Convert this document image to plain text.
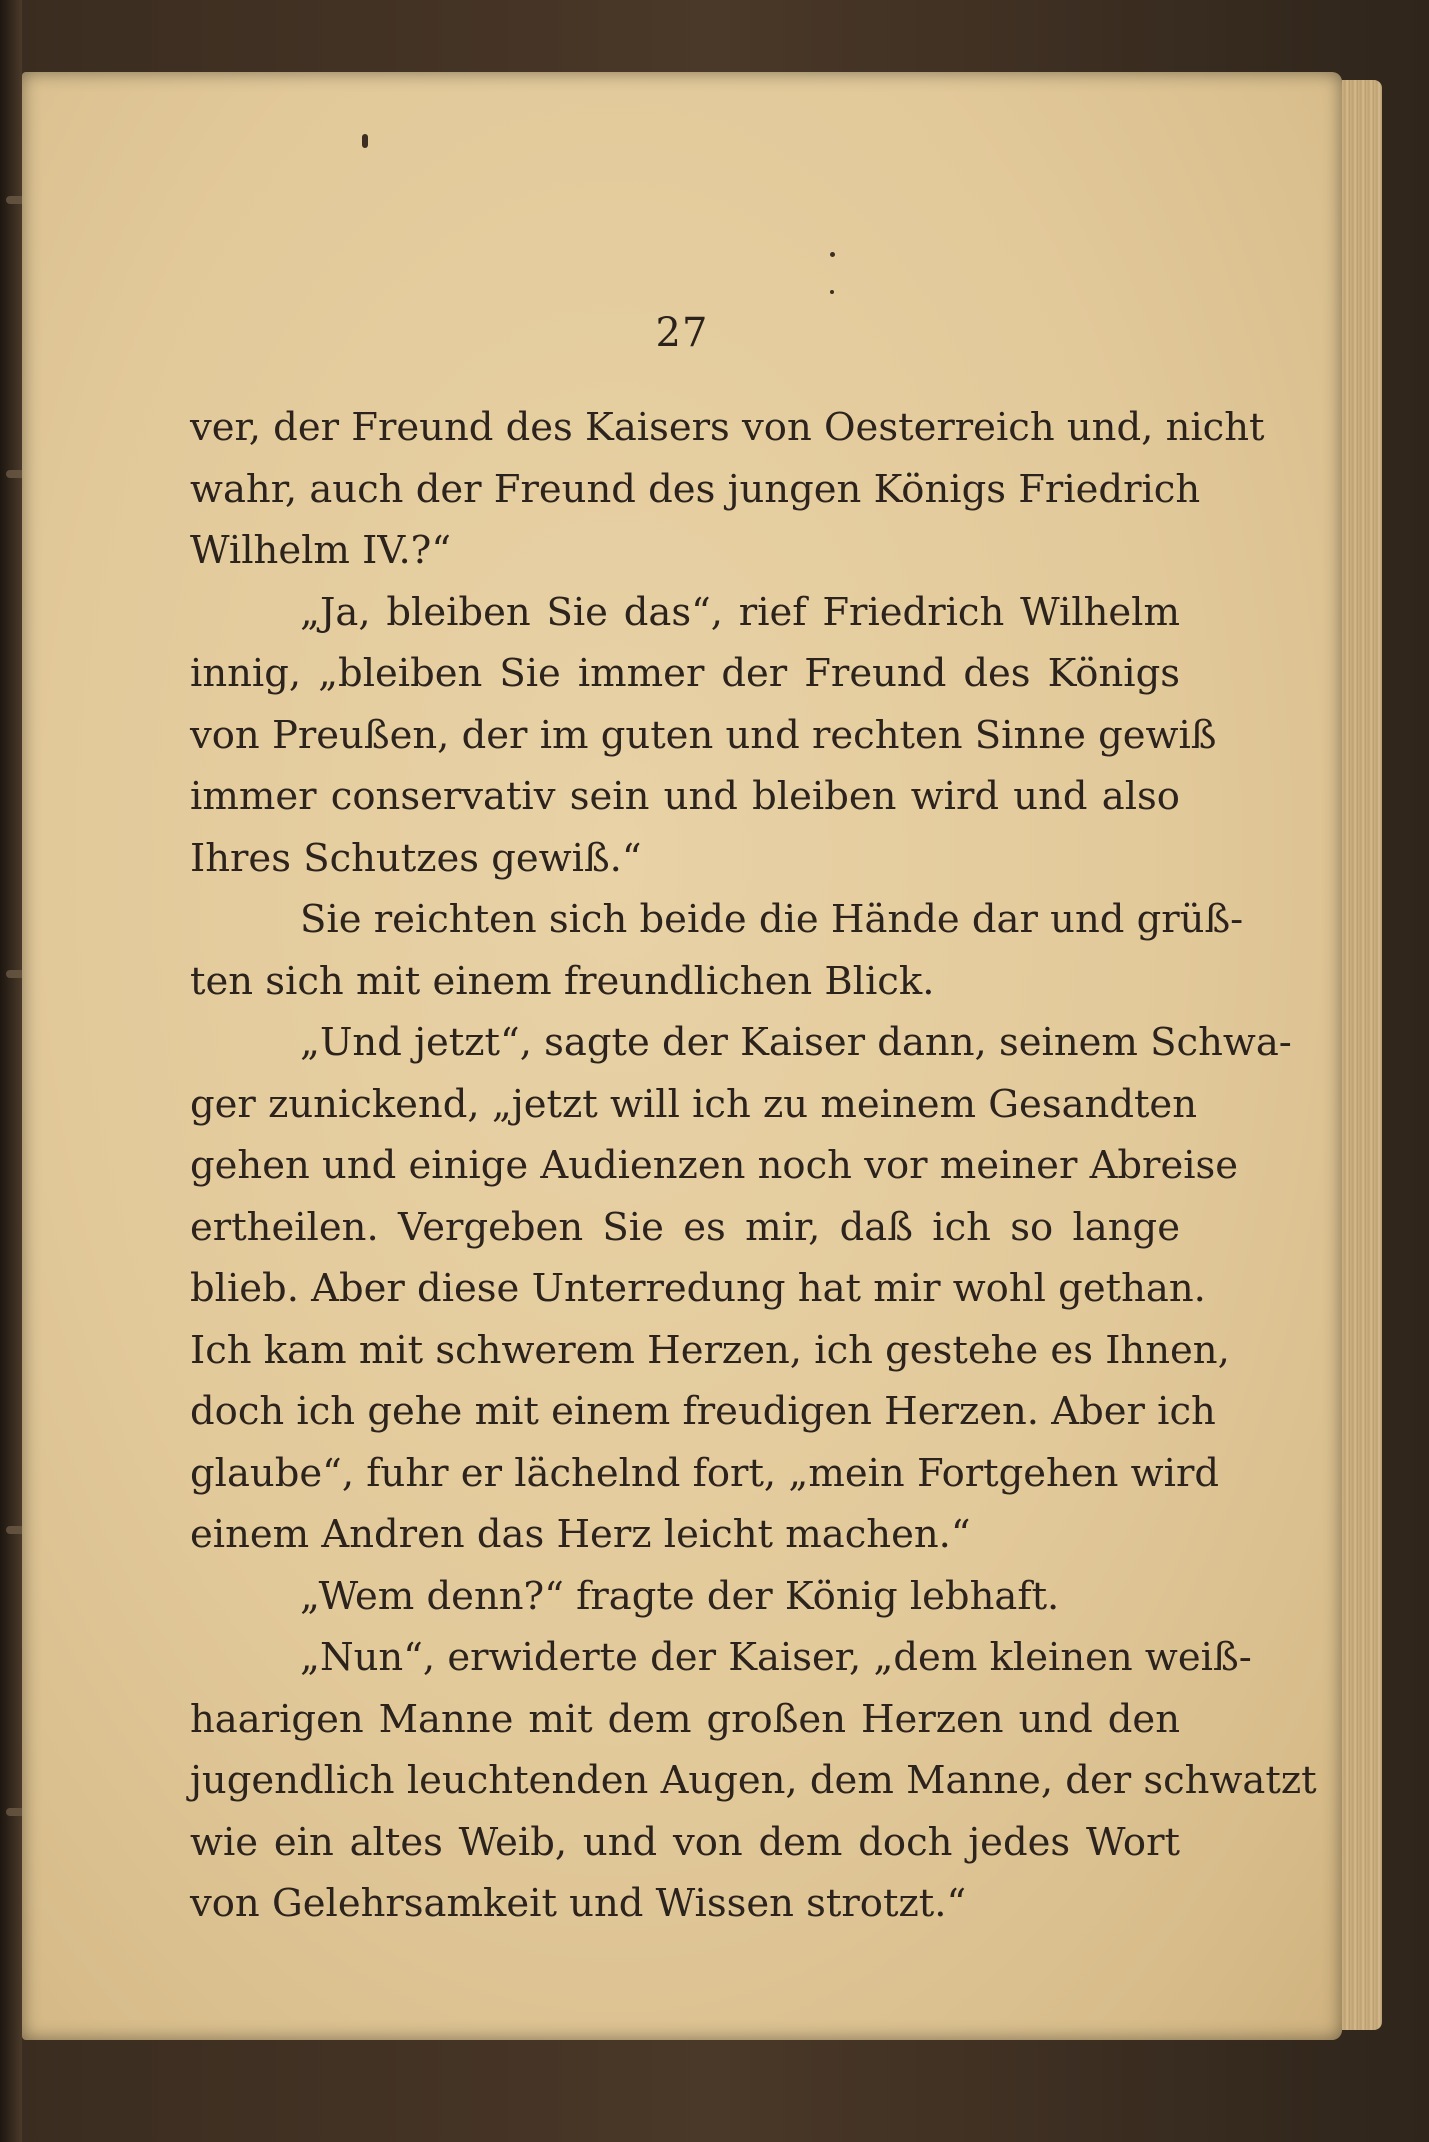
27
ver, der Freund des Kaisers von Oesterreich und, nicht
wahr, auch der Freund des jungen Königs Friedrich
Wilhelm IV.?“
„Ja, bleiben Sie das“, rief Friedrich Wilhelm
innig, „bleiben Sie immer der Freund des Königs
von Preußen, der im guten und rechten Sinne gewiß
immer conservativ sein und bleiben wird und also
Ihres Schutzes gewiß.“
Sie reichten sich beide die Hände dar und grüß-
ten sich mit einem freundlichen Blick.
„Und jetzt“, sagte der Kaiser dann, seinem Schwa-
ger zunickend, „jetzt will ich zu meinem Gesandten
gehen und einige Audienzen noch vor meiner Abreise
ertheilen. Vergeben Sie es mir, daß ich so lange
blieb. Aber diese Unterredung hat mir wohl gethan.
Ich kam mit schwerem Herzen, ich gestehe es Ihnen,
doch ich gehe mit einem freudigen Herzen. Aber ich
glaube“, fuhr er lächelnd fort, „mein Fortgehen wird
einem Andren das Herz leicht machen.“
„Wem denn?“ fragte der König lebhaft.
„Nun“, erwiderte der Kaiser, „dem kleinen weiß-
haarigen Manne mit dem großen Herzen und den
jugendlich leuchtenden Augen, dem Manne, der schwatzt
wie ein altes Weib, und von dem doch jedes Wort
von Gelehrsamkeit und Wissen strotzt.“
